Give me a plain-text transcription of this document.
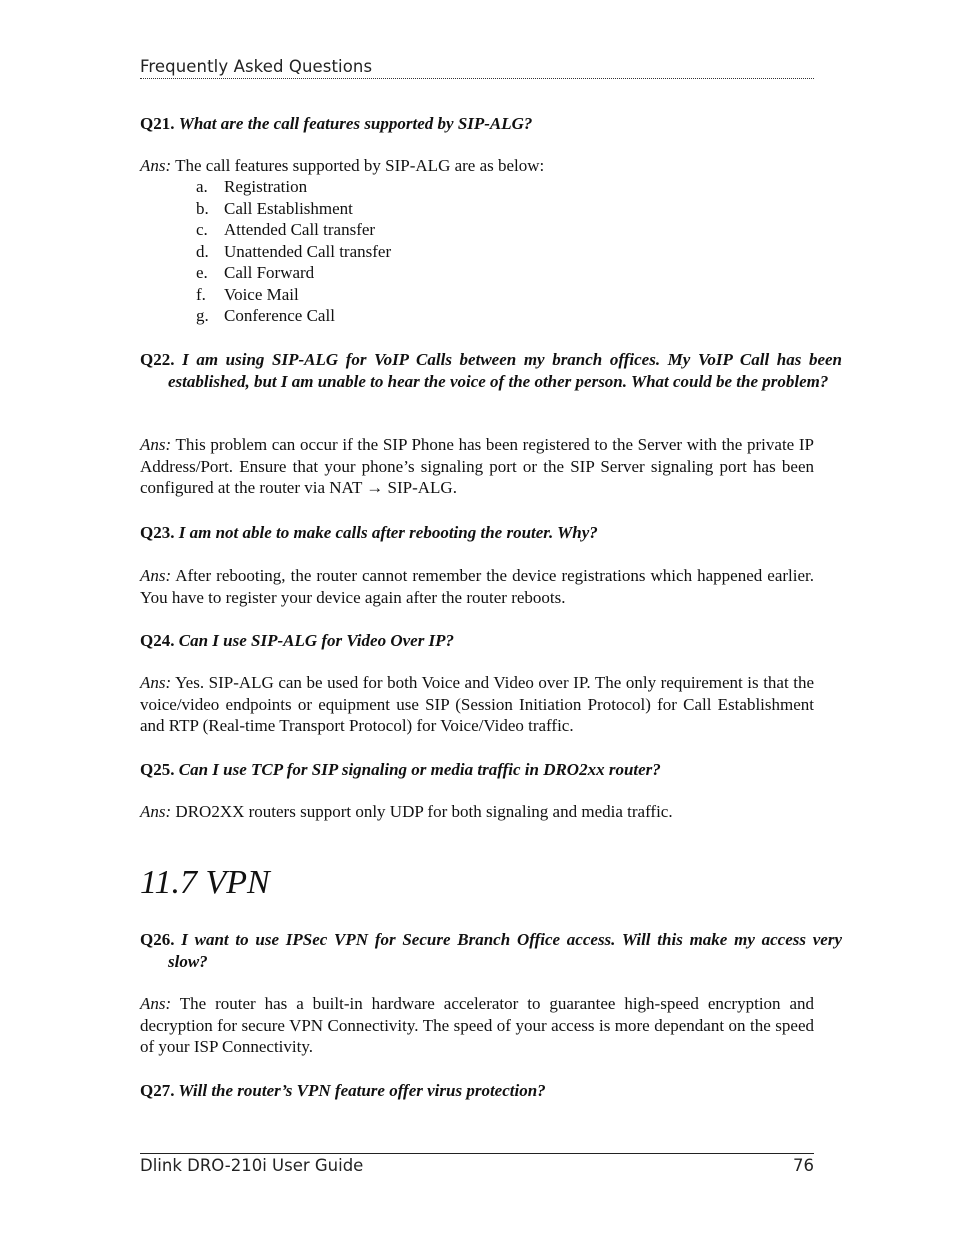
Frequently Asked Questions
Q21. What are the call features supported by SIP-ALG?
Ans: The call features supported by SIP-ALG are as below:
a. Registration
b. Call Establishment
c. Attended Call transfer
d. Unattended Call transfer
e. Call Forward
f.	Voice Mail
g. Conference Call
Q22. I am using SIP-ALG for VoIP Calls between my branch offices. My VoIP Call has been established, but I am unable to hear the voice of the other person. What could be the problem?
Ans: This problem can occur if the SIP Phone has been registered to the Server with the private IP Address/Port. Ensure that your phone’s signaling port or the SIP Server signaling port has been configured at the router via NAT → SIP-ALG.
Q23. I am not able to make calls after rebooting the router. Why?
Ans: After rebooting, the router cannot remember the device registrations which happened earlier. You have to register your device again after the router reboots.
Q24. Can I use SIP-ALG for Video Over IP?
Ans: Yes. SIP-ALG can be used for both Voice and Video over IP. The only requirement is that the voice/video endpoints or equipment use SIP (Session Initiation Protocol) for Call Establishment and RTP (Real-time Transport Protocol) for Voice/Video traffic.
Q25. Can I use TCP for SIP signaling or media traffic in DRO2xx router?
Ans: DRO2XX routers support only UDP for both signaling and media traffic.
11.7 VPN
Q26. I want to use IPSec VPN for Secure Branch Office access. Will this make my access very slow?
Ans: The router has a built-in hardware accelerator to guarantee high-speed encryption and decryption for secure VPN Connectivity. The speed of your access is more dependant on the speed of your ISP Connectivity.
Q27. Will the router’s VPN feature offer virus protection?
Dlink DRO-210i User Guide	76
